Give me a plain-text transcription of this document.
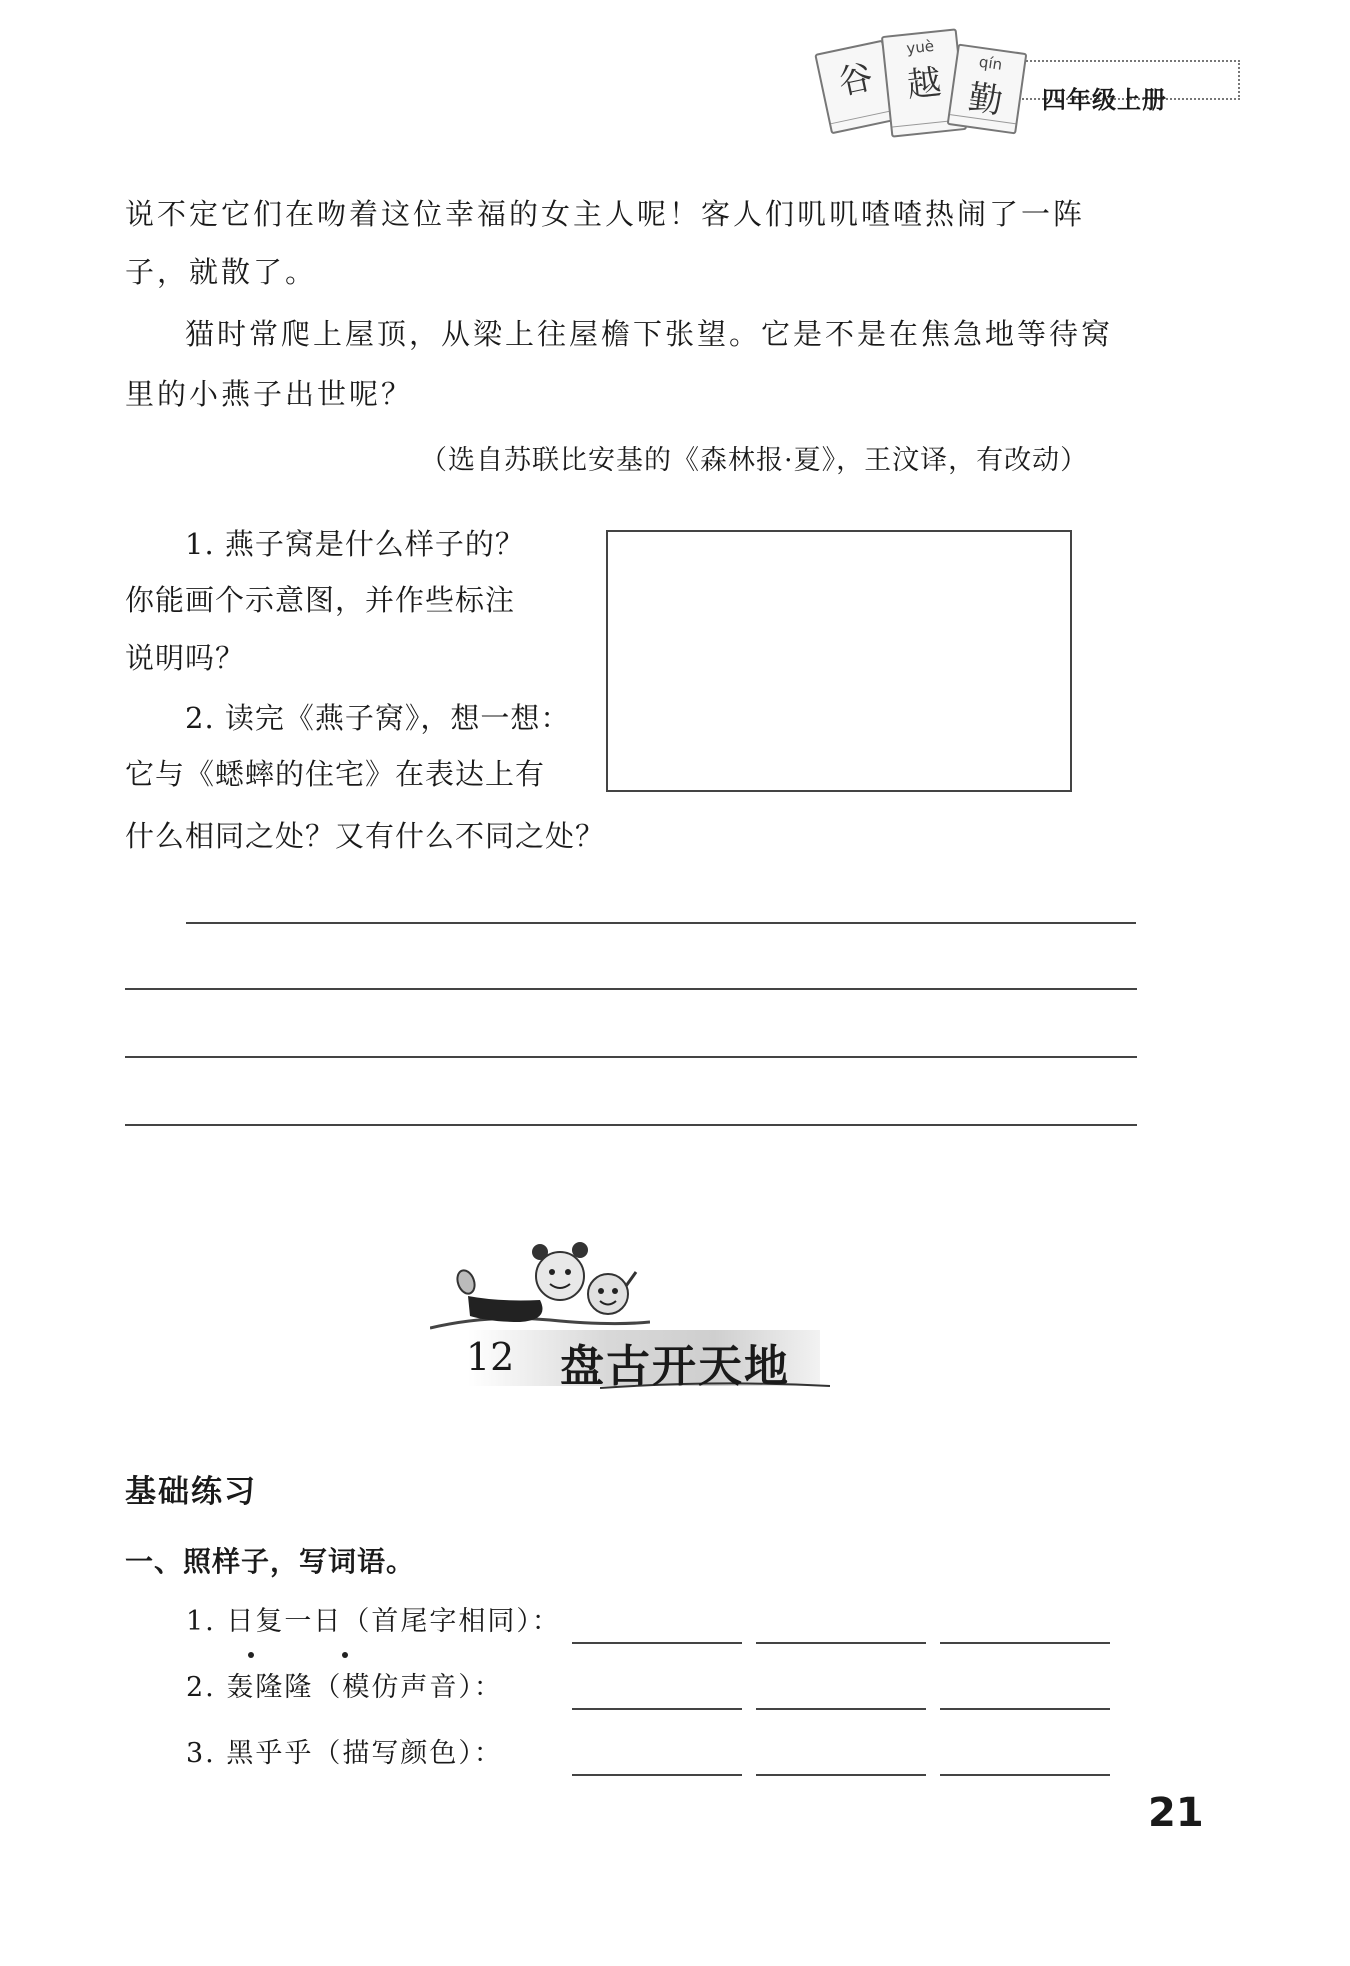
谷
yuè
越	qín
勤	四年级上册
说不定它们在吻着这位幸福的女主人呢！客人们叽叽喳喳热闹了一阵
子，就散了。
猫时常爬上屋顶，从梁上往屋檐下张望。它是不是在焦急地等待窝
里的小燕子出世呢？
（选自苏联比安基的《森林报·夏》，王汶译，有改动）
1. 燕子窝是什么样子的？
你能画个示意图，并作些标注
说明吗？
2. 读完《燕子窝》，想一想：
它与《蟋蟀的住宅》在表达上有
什么相同之处？又有什么不同之处？
12 盘古开天地
基础练习
一、照样子，写词语。
1. 日复一日（首尾字相同）：
2. 轰隆隆（模仿声音）：
3. 黑乎乎（描写颜色）：
21
